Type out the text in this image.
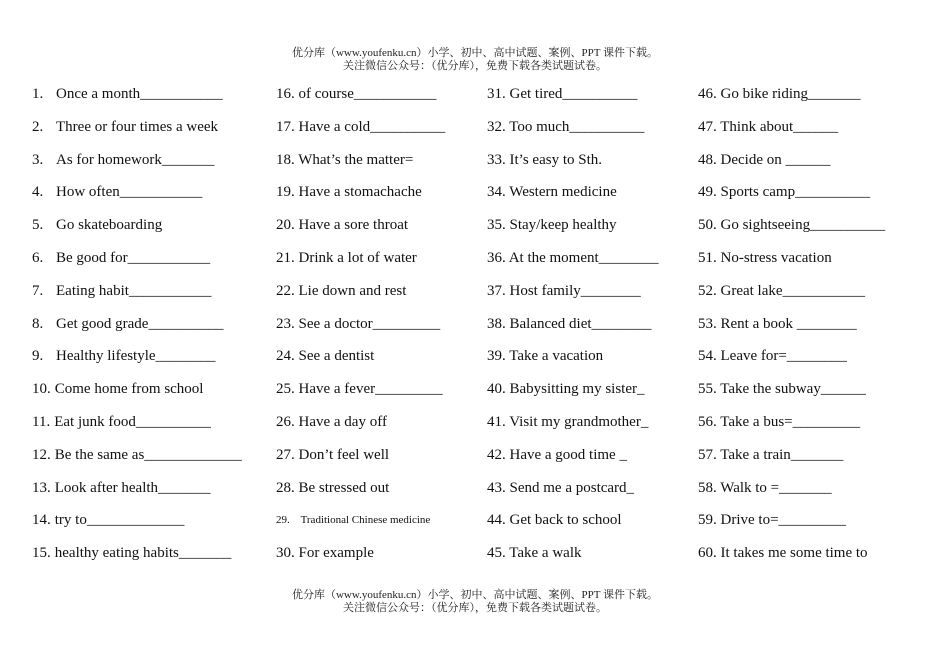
优分库（www.youfenku.cn）小学、初中、高中试题、案例、PPT 课件下载。
关注微信公众号：（优分库），免费下载各类试题试卷。
1. Once a month___________
2. Three or four times a week
3. As for homework_______
4. How often___________
5. Go skateboarding
6. Be good for___________
7. Eating habit___________
8. Get good grade__________
9. Healthy lifestyle________
10. Come home from school
11. Eat junk food__________
12. Be the same as_____________
13. Look after health_______
14. try to_____________
15. healthy eating habits_______
16. of course___________
17. Have a cold__________
18. What’s the matter=
19. Have a stomachache
20. Have a sore throat
21. Drink a lot of water
22. Lie down and rest
23. See a doctor_________
24. See a dentist
25. Have a fever_________
26. Have a day off
27. Don’t feel well
28. Be stressed out
29. Traditional Chinese medicine
30. For example
31. Get tired__________
32. Too much__________
33. It’s easy to Sth.
34. Western medicine
35. Stay/keep healthy
36. At the moment________
37. Host family________
38. Balanced diet________
39. Take a vacation
40. Babysitting my sister_
41. Visit my grandmother_
42. Have a good time _
43. Send me a postcard_
44. Get back to school
45. Take a walk
46. Go bike riding_______
47. Think about______
48. Decide on ______
49. Sports camp__________
50. Go sightseeing__________
51. No-stress vacation
52. Great lake___________
53. Rent a book ________
54. Leave for=________
55. Take the subway______
56. Take a bus=_________
57. Take a train_______
58. Walk to =_______
59. Drive to=_________
60. It takes me some time to
优分库（www.youfenku.cn）小学、初中、高中试题、案例、PPT 课件下载。
关注微信公众号：（优分库），免费下载各类试题试卷。
